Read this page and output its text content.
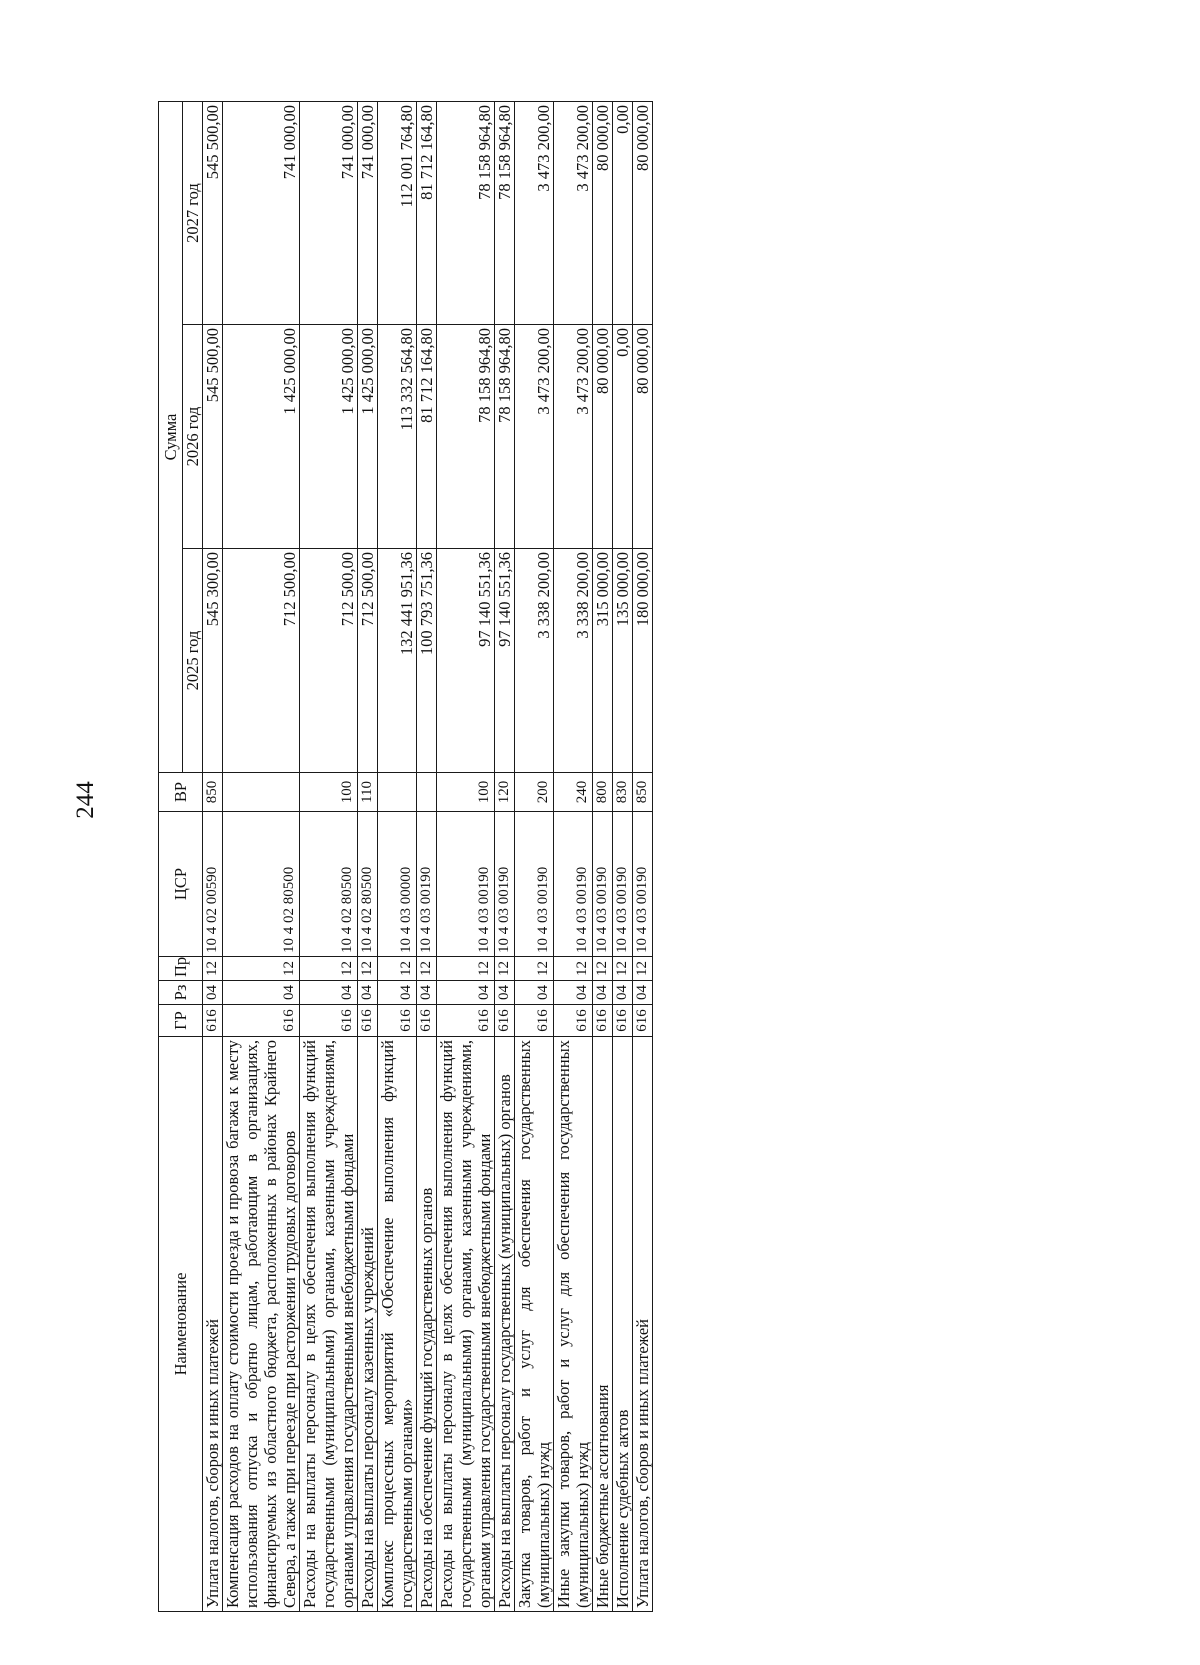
244
Наименование	ГР	Рз	Пр	ЦСР	ВР	Сумма		
						2025 год	2026 год	2027 год
Уплата налогов, сборов и иных платежей	616	04	12	10 4 02 00590	850	545 300,00	545 500,00	545 500,00
Компенсация расходов на оплату стоимости проезда и провоза багажа к месту использования отпуска и обратно лицам, работающим в организациях, финансируемых из областного бюджета, расположенных в районах Крайнего Севера, а также при переезде при расторжении трудовых договоров	616	04	12	10 4 02 80500		712 500,00	1 425 000,00	741 000,00
Расходы на выплаты персоналу в целях обеспечения выполнения функций государственными (муниципальными) органами, казенными учреждениями, органами управления государственными внебюджетными фондами	616	04	12	10 4 02 80500	100	712 500,00	1 425 000,00	741 000,00
Расходы на выплаты персоналу казенных учреждений	616	04	12	10 4 02 80500	110	712 500,00	1 425 000,00	741 000,00
Комплекс процессных мероприятий «Обеспечение выполнения функций государственными органами»	616	04	12	10 4 03 00000		132 441 951,36	113 332 564,80	112 001 764,80
Расходы на обеспечение функций государственных органов	616	04	12	10 4 03 00190		100 793 751,36	81 712 164,80	81 712 164,80
Расходы на выплаты персоналу в целях обеспечения выполнения функций государственными (муниципальными) органами, казенными учреждениями, органами управления государственными внебюджетными фондами	616	04	12	10 4 03 00190	100	97 140 551,36	78 158 964,80	78 158 964,80
Расходы на выплаты персоналу государственных (муниципальных) органов	616	04	12	10 4 03 00190	120	97 140 551,36	78 158 964,80	78 158 964,80
Закупка товаров, работ и услуг для обеспечения государственных (муниципальных) нужд	616	04	12	10 4 03 00190	200	3 338 200,00	3 473 200,00	3 473 200,00
Иные закупки товаров, работ и услуг для обеспечения государственных (муниципальных) нужд	616	04	12	10 4 03 00190	240	3 338 200,00	3 473 200,00	3 473 200,00
Иные бюджетные ассигнования	616	04	12	10 4 03 00190	800	315 000,00	80 000,00	80 000,00
Исполнение судебных актов	616	04	12	10 4 03 00190	830	135 000,00	0,00	0,00
Уплата налогов, сборов и иных платежей	616	04	12	10 4 03 00190	850	180 000,00	80 000,00	80 000,00
